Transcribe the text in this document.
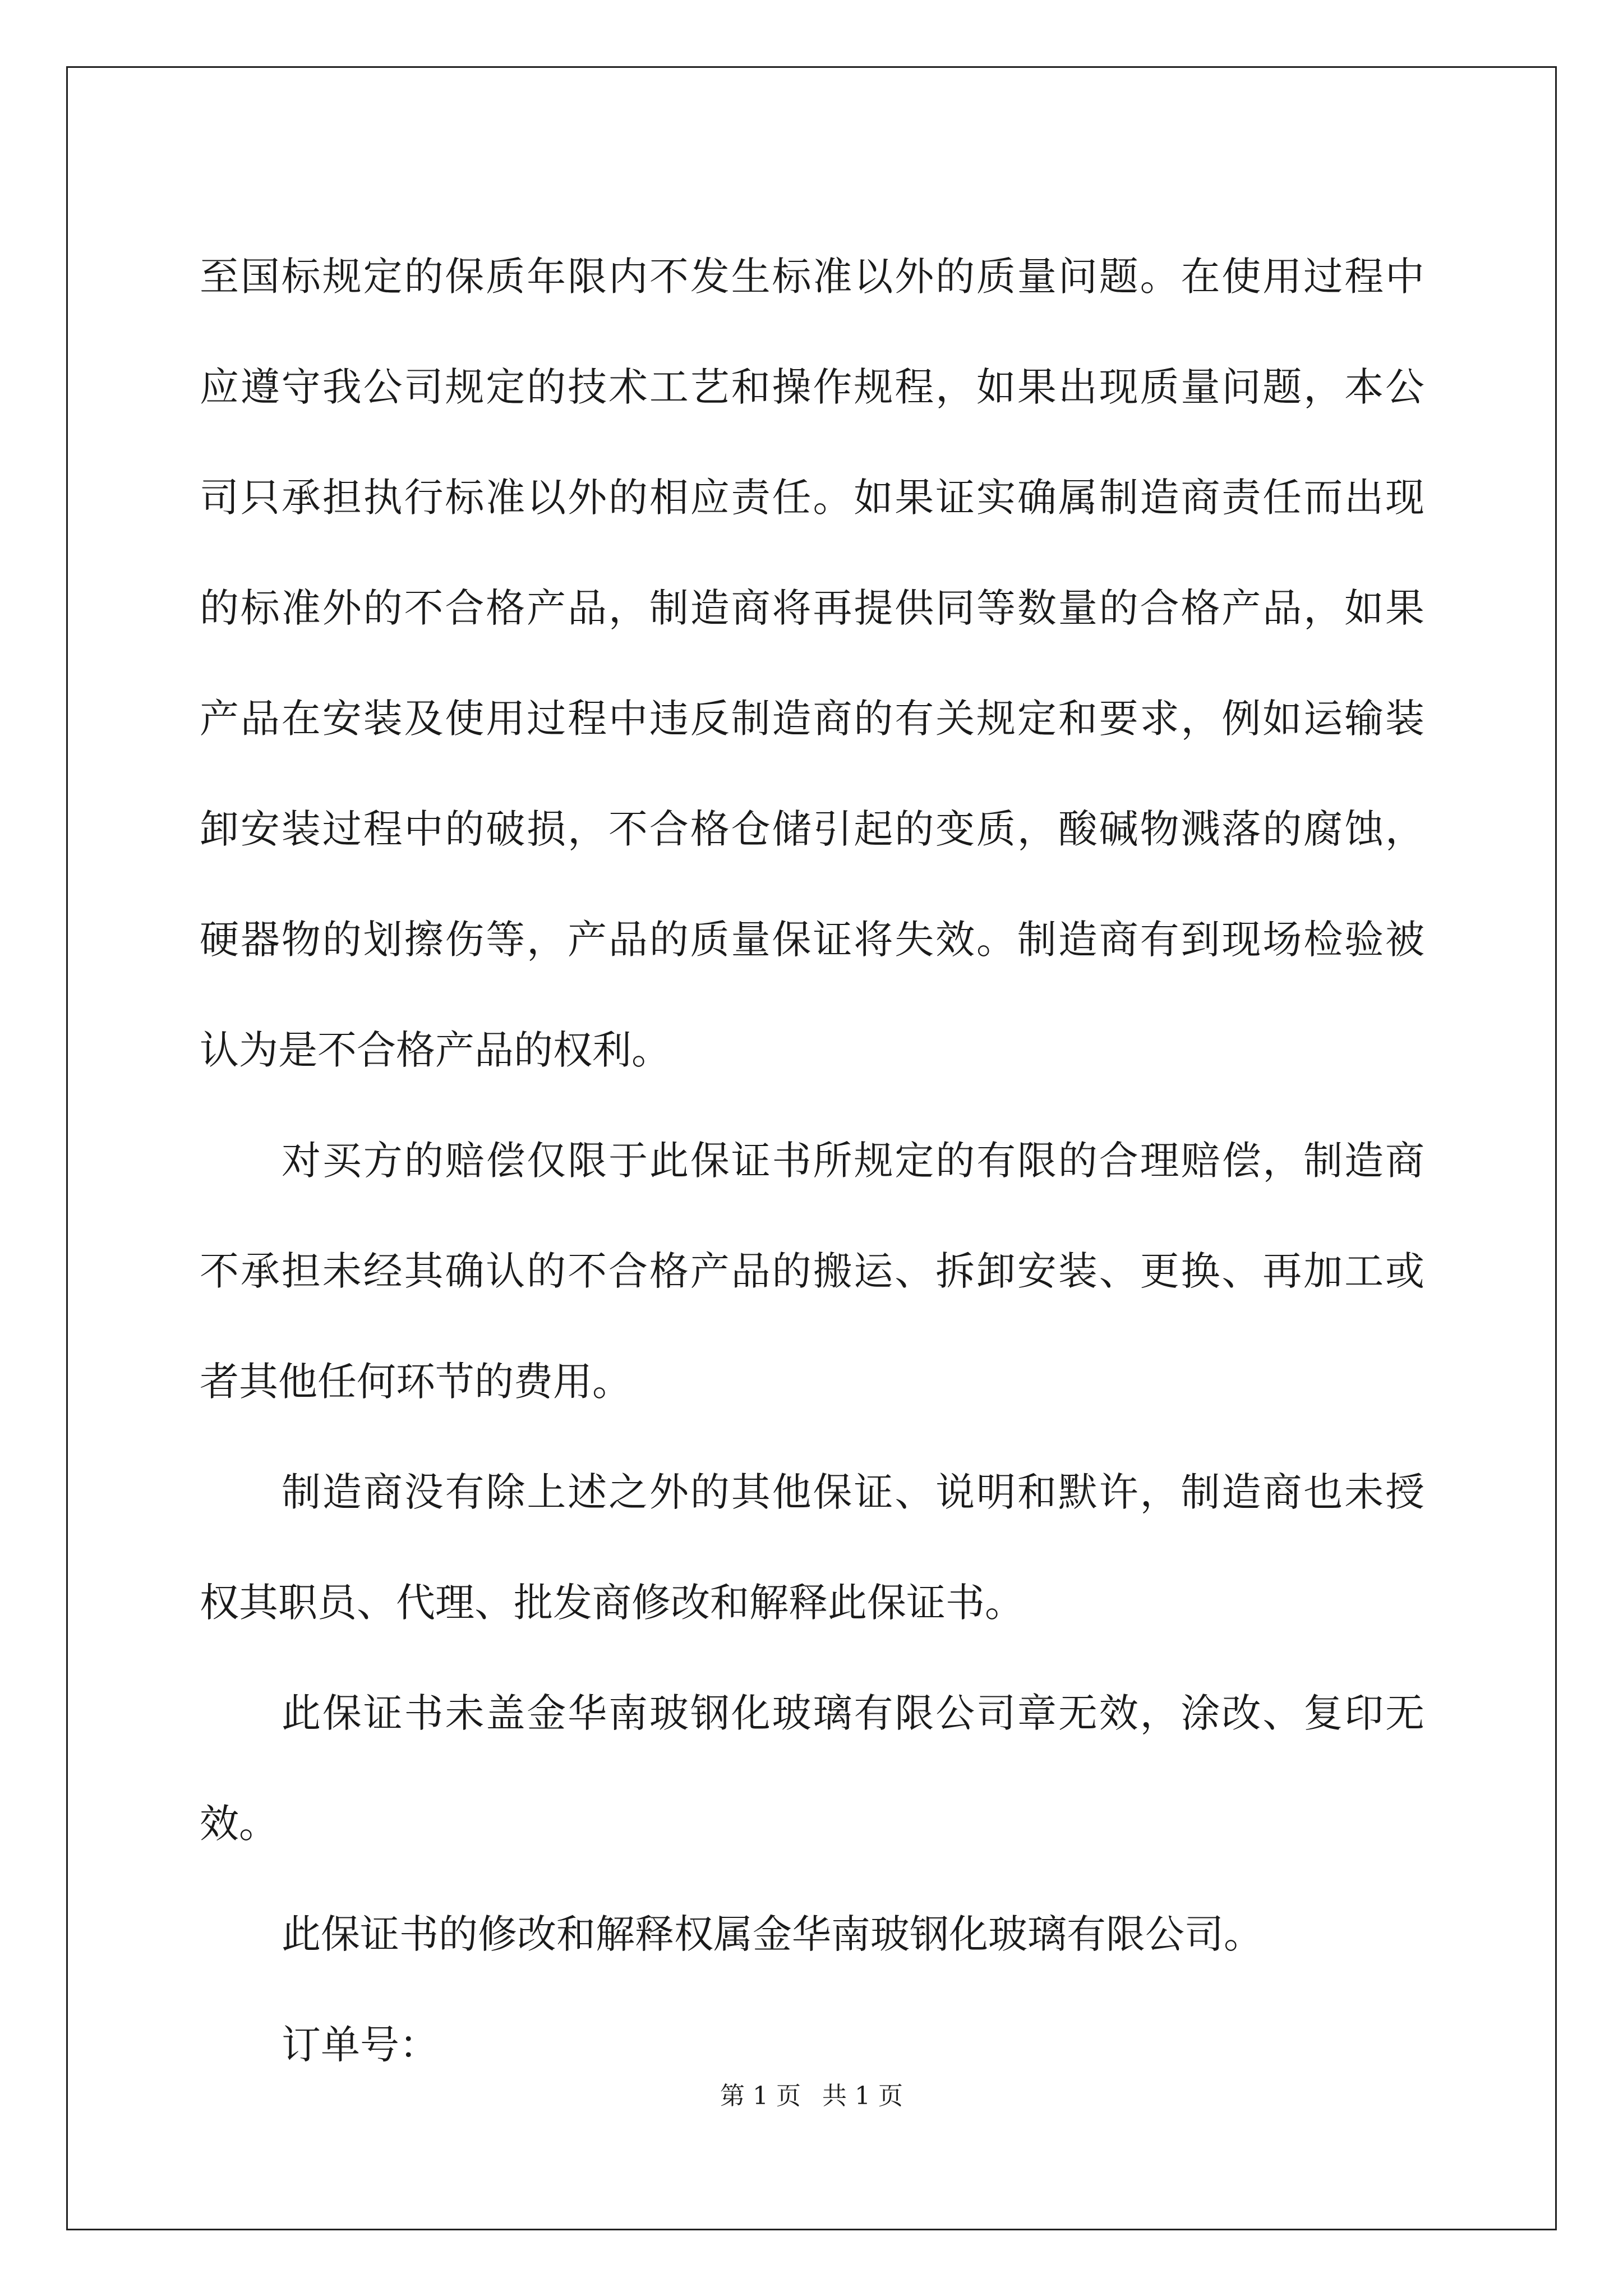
至国标规定的保质年限内不发生标准以外的质量问题。在使用过程中
应遵守我公司规定的技术工艺和操作规程，如果出现质量问题，本公
司只承担执行标准以外的相应责任。如果证实确属制造商责任而出现
的标准外的不合格产品，制造商将再提供同等数量的合格产品，如果
产品在安装及使用过程中违反制造商的有关规定和要求，例如运输装
卸安装过程中的破损，不合格仓储引起的变质，酸碱物溅落的腐蚀，
硬器物的划擦伤等，产品的质量保证将失效。制造商有到现场检验被
认为是不合格产品的权利。
对买方的赔偿仅限于此保证书所规定的有限的合理赔偿，制造商
不承担未经其确认的不合格产品的搬运、拆卸安装、更换、再加工或
者其他任何环节的费用。
制造商没有除上述之外的其他保证、说明和默许，制造商也未授
权其职员、代理、批发商修改和解释此保证书。
此保证书未盖金华南玻钢化玻璃有限公司章无效，涂改、复印无
效。
此保证书的修改和解释权属金华南玻钢化玻璃有限公司。
订单号：
第 1 页 共 1 页
